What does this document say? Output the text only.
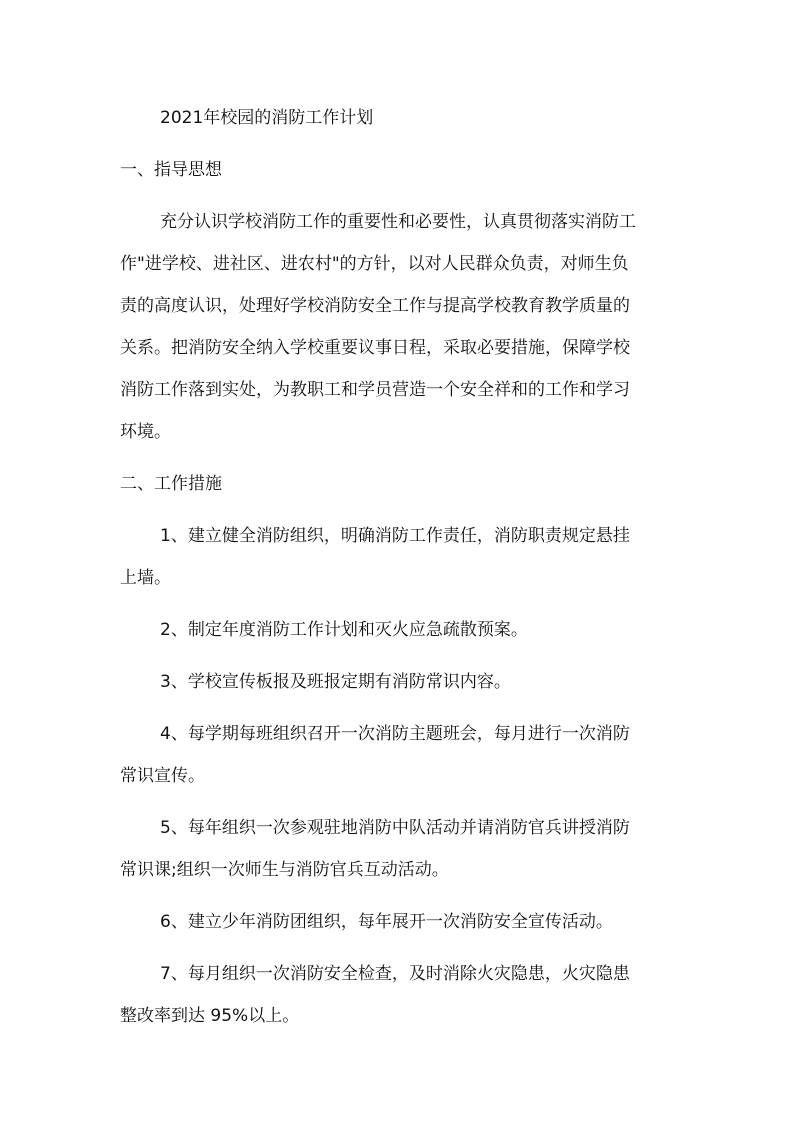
2021年校园的消防工作计划
一、指导思想
充分认识学校消防工作的重要性和必要性，认真贯彻落实消防工
作"进学校、进社区、进农村"的方针，以对人民群众负责，对师生负
责的高度认识，处理好学校消防安全工作与提高学校教育教学质量的
关系。把消防安全纳入学校重要议事日程，采取必要措施，保障学校
消防工作落到实处，为教职工和学员营造一个安全祥和的工作和学习
环境。
二、工作措施
1、建立健全消防组织，明确消防工作责任，消防职责规定悬挂
上墙。
2、制定年度消防工作计划和灭火应急疏散预案。
3、学校宣传板报及班报定期有消防常识内容。
4、每学期每班组织召开一次消防主题班会，每月进行一次消防
常识宣传。
5、每年组织一次参观驻地消防中队活动并请消防官兵讲授消防
常识课;组织一次师生与消防官兵互动活动。
6、建立少年消防团组织，每年展开一次消防安全宣传活动。
7、每月组织一次消防安全检查，及时消除火灾隐患，火灾隐患
整改率到达 95%以上。
